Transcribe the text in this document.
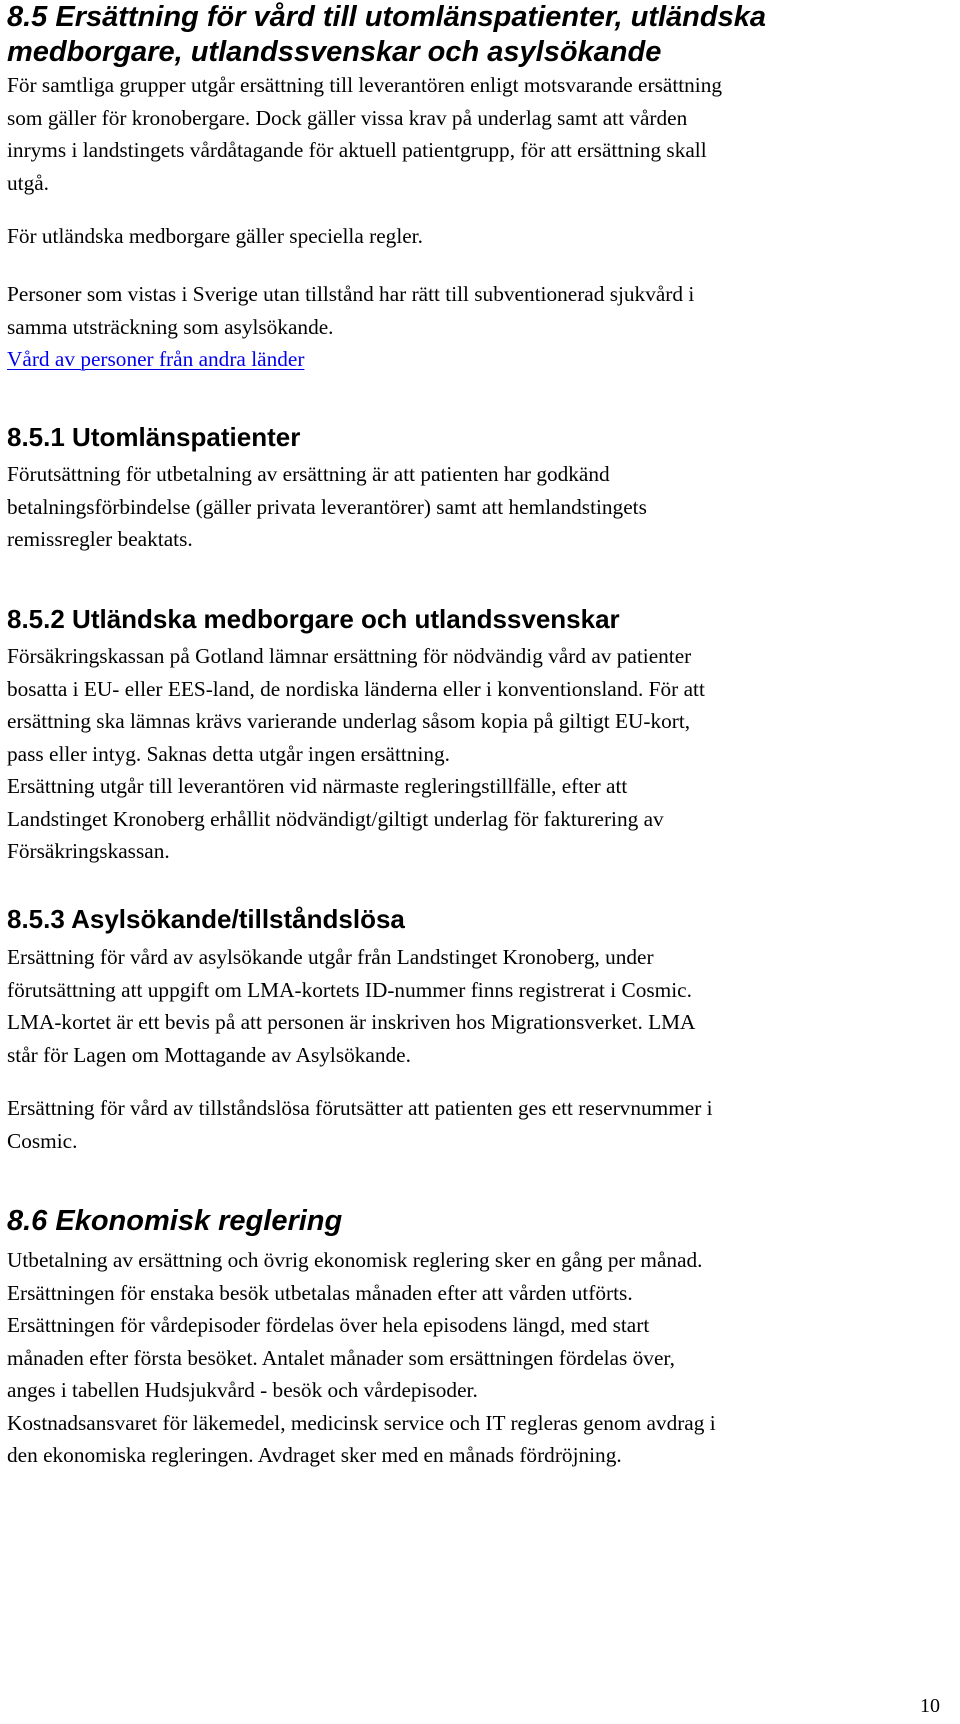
8.5 Ersättning för vård till utomlänspatienter, utländska
medborgare, utlandssvenskar och asylsökande
För samtliga grupper utgår ersättning till leverantören enligt motsvarande ersättning
som gäller för kronobergare. Dock gäller vissa krav på underlag samt att vården
inryms i landstingets vårdåtagande för aktuell patientgrupp, för att ersättning skall
utgå.
För utländska medborgare gäller speciella regler.
Personer som vistas i Sverige utan tillstånd har rätt till subventionerad sjukvård i
samma utsträckning som asylsökande.
Vård av personer från andra länder
8.5.1 Utomlänspatienter
Förutsättning för utbetalning av ersättning är att patienten har godkänd
betalningsförbindelse (gäller privata leverantörer) samt att hemlandstingets
remissregler beaktats.
8.5.2 Utländska medborgare och utlandssvenskar
Försäkringskassan på Gotland lämnar ersättning för nödvändig vård av patienter
bosatta i EU- eller EES-land, de nordiska länderna eller i konventionsland. För att
ersättning ska lämnas krävs varierande underlag såsom kopia på giltigt EU-kort,
pass eller intyg. Saknas detta utgår ingen ersättning.
Ersättning utgår till leverantören vid närmaste regleringstillfälle, efter att
Landstinget Kronoberg erhållit nödvändigt/giltigt underlag för fakturering av
Försäkringskassan.
8.5.3 Asylsökande/tillståndslösa
Ersättning för vård av asylsökande utgår från Landstinget Kronoberg, under
förutsättning att uppgift om LMA-kortets ID-nummer finns registrerat i Cosmic.
LMA-kortet är ett bevis på att personen är inskriven hos Migrationsverket. LMA
står för Lagen om Mottagande av Asylsökande.
Ersättning för vård av tillståndslösa förutsätter att patienten ges ett reservnummer i
Cosmic.
8.6 Ekonomisk reglering
Utbetalning av ersättning och övrig ekonomisk reglering sker en gång per månad.
Ersättningen för enstaka besök utbetalas månaden efter att vården utförts.
Ersättningen för vårdepisoder fördelas över hela episodens längd, med start
månaden efter första besöket. Antalet månader som ersättningen fördelas över,
anges i tabellen Hudsjukvård - besök och vårdepisoder.
Kostnadsansvaret för läkemedel, medicinsk service och IT regleras genom avdrag i
den ekonomiska regleringen. Avdraget sker med en månads fördröjning.
10
